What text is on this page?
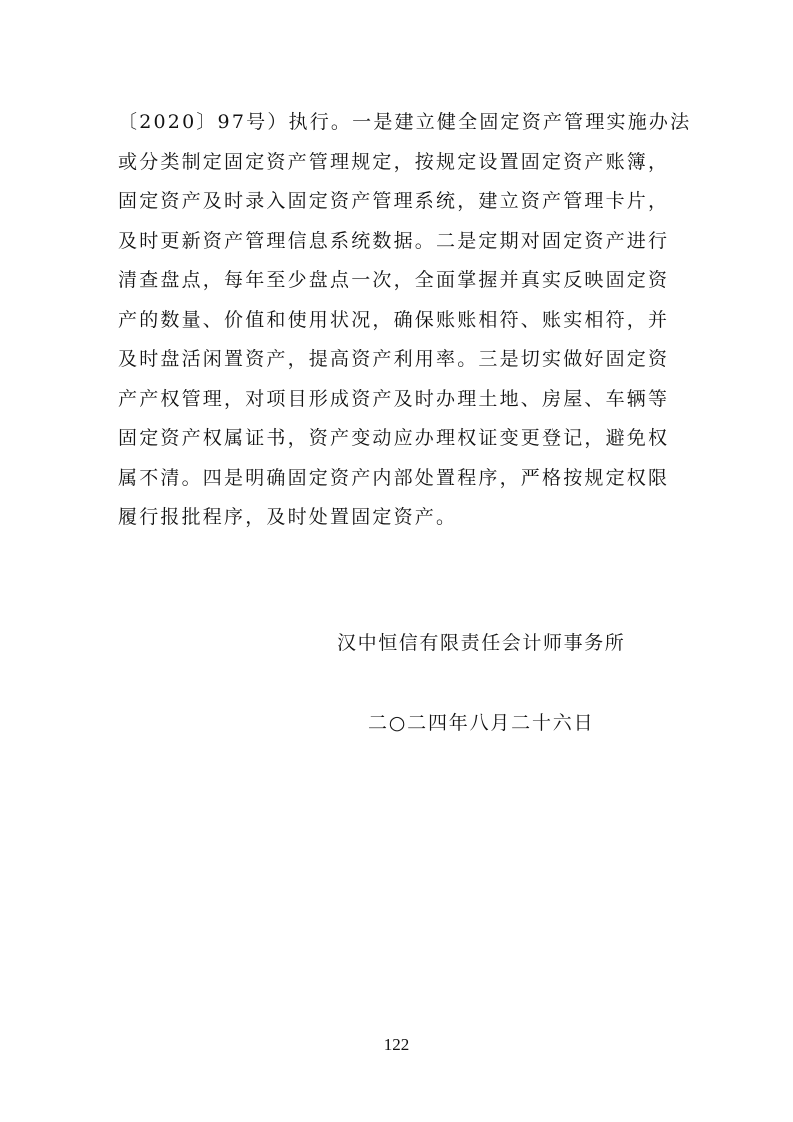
〔2020〕97号）执行。一是建立健全固定资产管理实施办法
或分类制定固定资产管理规定，按规定设置固定资产账簿，
固定资产及时录入固定资产管理系统，建立资产管理卡片，
及时更新资产管理信息系统数据。二是定期对固定资产进行
清查盘点，每年至少盘点一次，全面掌握并真实反映固定资
产的数量、价值和使用状况，确保账账相符、账实相符，并
及时盘活闲置资产，提高资产利用率。三是切实做好固定资
产产权管理，对项目形成资产及时办理土地、房屋、车辆等
固定资产权属证书，资产变动应办理权证变更登记，避免权
属不清。四是明确固定资产内部处置程序，严格按规定权限
履行报批程序，及时处置固定资产。
汉中恒信有限责任会计师事务所
二○二四年八月二十六日
122
